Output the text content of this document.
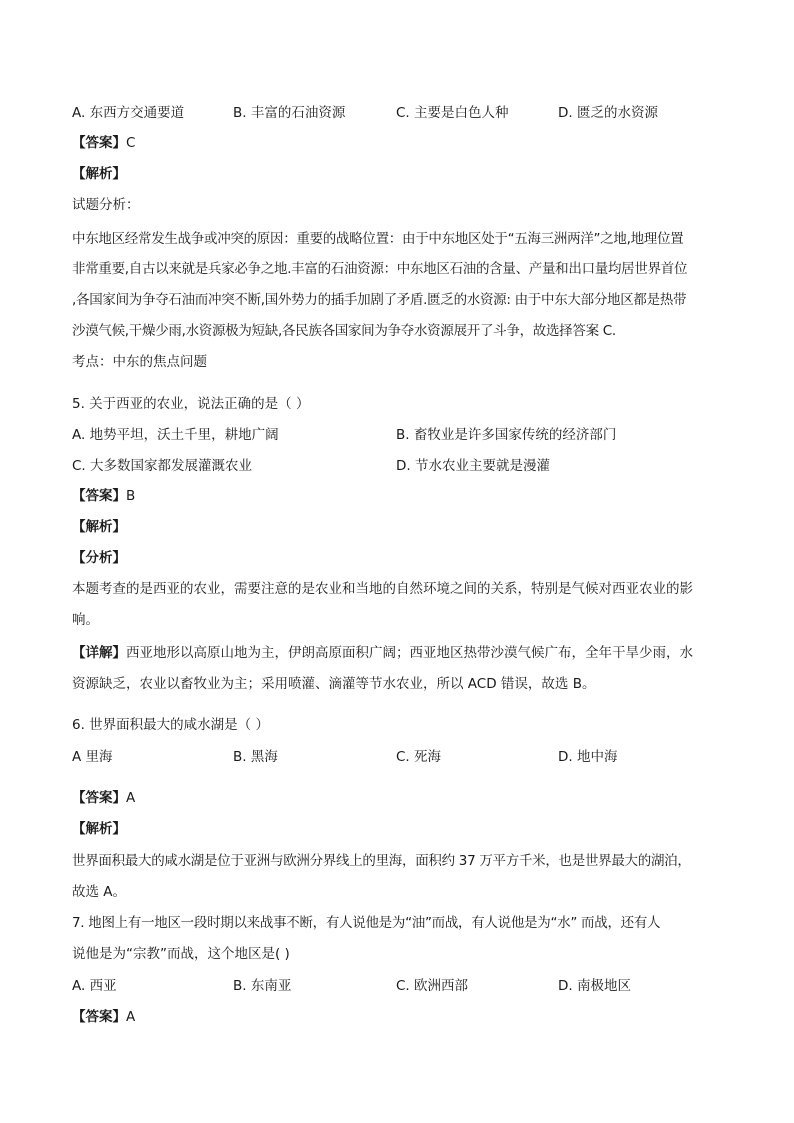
A. 东西方交通要道	B. 丰富的石油资源	C. 主要是白色人种	D. 匮乏的水资源

【答案】C

【解析】

试题分析：

中东地区经常发生战争或冲突的原因：重要的战略位置：由于中东地区处于“五海三洲两洋”之地,地理位置

非常重要,自古以来就是兵家必争之地.丰富的石油资源：中东地区石油的含量、产量和出口量均居世界首位

,各国家间为争夺石油而冲突不断,国外势力的插手加剧了矛盾.匮乏的水资源: 由于中东大部分地区都是热带

沙漠气候,干燥少雨,水资源极为短缺,各民族各国家间为争夺水资源展开了斗争，故选择答案 C.

考点：中东的焦点问题

5. 关于西亚的农业，说法正确的是（ ）

A. 地势平坦，沃土千里，耕地广阔	B. 畜牧业是许多国家传统的经济部门

C. 大多数国家都发展灌溉农业	D. 节水农业主要就是漫灌

【答案】B

【解析】

【分析】

本题考查的是西亚的农业，需要注意的是农业和当地的自然环境之间的关系，特别是气候对西亚农业的影

响。

【详解】西亚地形以高原山地为主，伊朗高原面积广阔；西亚地区热带沙漠气候广布，全年干旱少雨，水

资源缺乏，农业以畜牧业为主；采用喷灌、滴灌等节水农业，所以 ACD 错误，故选 B。

6. 世界面积最大的咸水湖是（ ）

A 里海	B. 黑海	C. 死海	D. 地中海

【答案】A

【解析】

世界面积最大的咸水湖是位于亚洲与欧洲分界线上的里海，面积约 37 万平方千米，也是世界最大的湖泊，

故选 A。

7. 地图上有一地区一段时期以来战事不断，有人说他是为“油”而战，有人说他是为“水” 而战，还有人

说他是为“宗教”而战，这个地区是( )

A. 西亚	B. 东南亚	C. 欧洲西部	D. 南极地区

【答案】A
